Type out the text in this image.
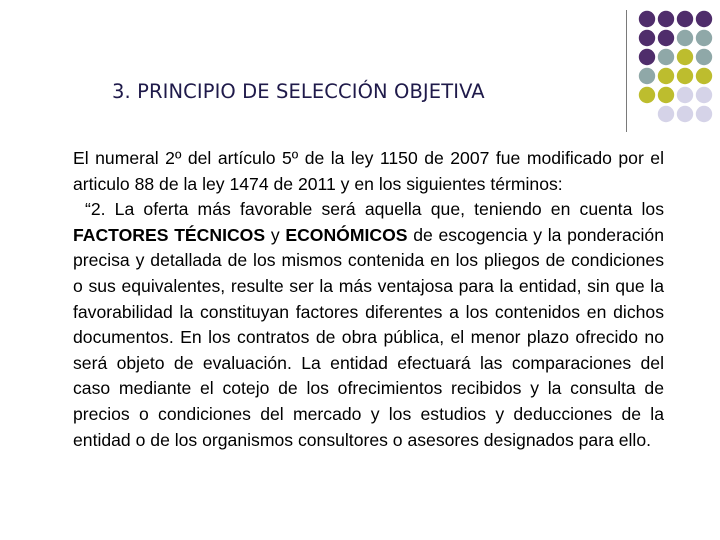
3. PRINCIPIO DE SELECCIÓN OBJETIVA

El numeral 2º del artículo 5º de la ley 1150 de 2007 fue modificado por el articulo 88 de la ley 1474 de 2011 y en los siguientes términos:

“2. La oferta más favorable será aquella que, teniendo en cuenta los FACTORES TÉCNICOS y ECONÓMICOS de escogencia y la ponderación precisa y detallada de los mismos contenida en los pliegos de condiciones o sus equivalentes, resulte ser la más ventajosa para la entidad, sin que la favorabilidad la constituyan factores diferentes a los contenidos en dichos documentos. En los contratos de obra pública, el menor plazo ofrecido no será objeto de evaluación. La entidad efectuará las comparaciones del caso mediante el cotejo de los ofrecimientos recibidos y la consulta de precios o condiciones del mercado y los estudios y deducciones de la entidad o de los organismos consultores o asesores designados para ello.
